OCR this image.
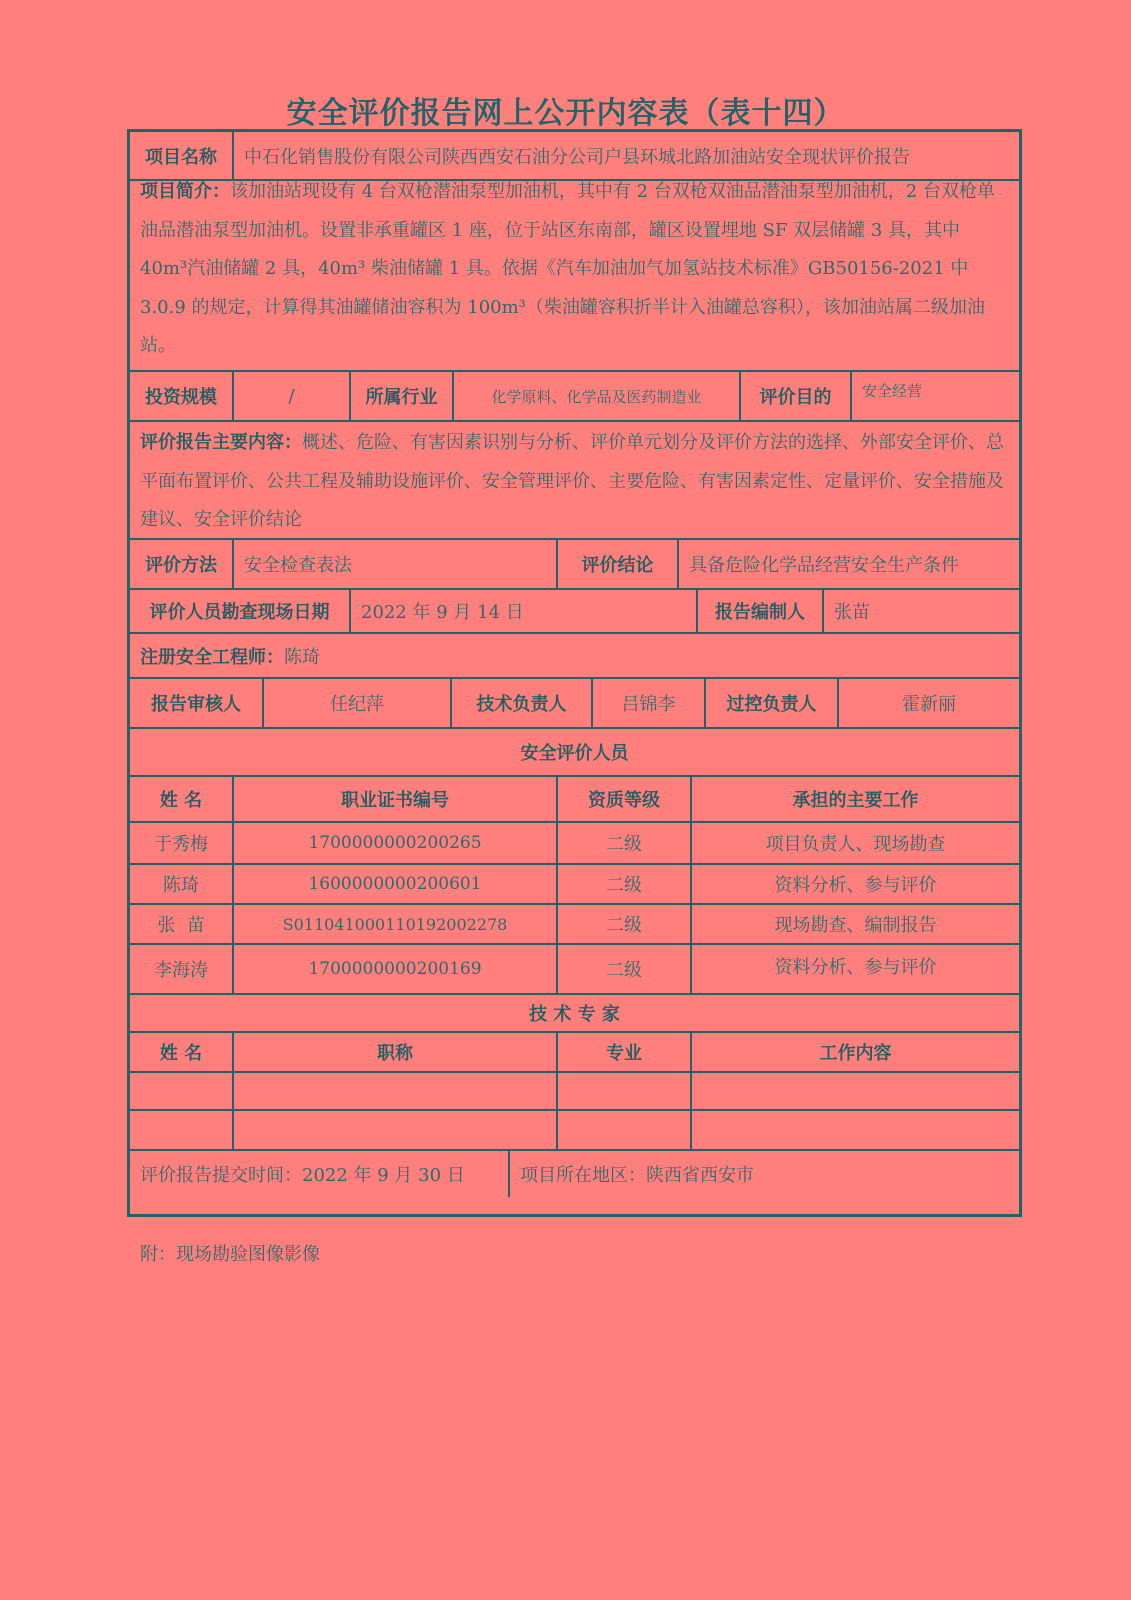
安全评价报告网上公开内容表（表十四）
项目名称	中石化销售股份有限公司陕西西安石油分公司户县环城北路加油站安全现状评价报告
项目简介：该加油站现设有 4 台双枪潜油泵型加油机，其中有 2 台双枪双油品潜油泵型加油机，2 台双枪单油品潜油泵型加油机。设置非承重罐区 1 座，位于站区东南部，罐区设置埋地 SF 双层储罐 3 具，其中 40m³汽油储罐 2 具，40m³ 柴油储罐 1 具。依据《汽车加油加气加氢站技术标准》GB50156-2021 中 3.0.9 的规定，计算得其油罐储油容积为 100m³（柴油罐容积折半计入油罐总容积），该加油站属二级加油站。
投资规模	/	所属行业	化学原料、化学品及医药制造业	评价目的	安全经营
评价报告主要内容：概述、危险、有害因素识别与分析、评价单元划分及评价方法的选择、外部安全评价、总平面布置评价、公共工程及辅助设施评价、安全管理评价、主要危险、有害因素定性、定量评价、安全措施及建议、安全评价结论
评价方法	安全检查表法	评价结论	具备危险化学品经营安全生产条件
评价人员勘查现场日期	2022 年 9 月 14 日	报告编制人	张苗
注册安全工程师： 陈琦
报告审核人	任纪萍	技术负责人	吕锦李	过控负责人	霍新丽
安全评价人员
姓 名	职业证书编号	资质等级	承担的主要工作
于秀梅	1700000000200265	二级	项目负责人、现场勘查
陈琦	1600000000200601	二级	资料分析、参与评价
张  苗	S011041000110192002278	二级	现场勘查、编制报告
李海涛	1700000000200169	二级	资料分析、参与评价
技 术 专 家
姓 名	职称	专业	工作内容
评价报告提交时间：2022 年 9 月 30 日	项目所在地区：陕西省西安市
附：现场勘验图像影像
